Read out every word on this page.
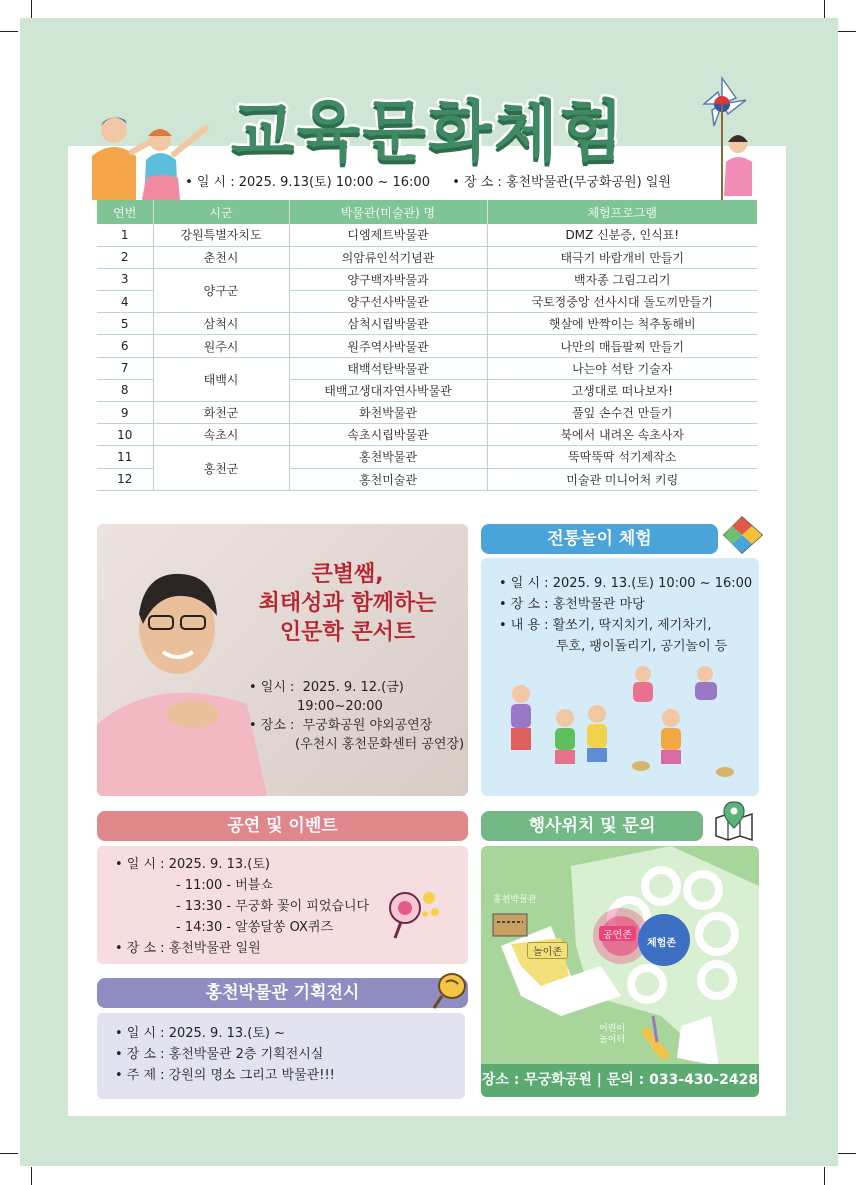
교육문화체험
• 일 시 : 2025. 9.13(토) 10:00 ~ 16:00 • 장 소 : 홍천박물관(무궁화공원) 일원
연번	시군	박물관(미술관) 명	체험프로그램
1	강원특별자치도	디엠제트박물관	DMZ 신분증, 인식표!
2	춘천시	의암류인석기념관	태극기 바람개비 만들기
3	양구군	양구백자박물과	백자종 그림그리기
4		양구선사박물관	국토정중앙 선사시대 돌도끼만들기
5	삼척시	삼척시립박물관	햇살에 반짝이는 척추동해비
6	원주시	원주역사박물관	나만의 매듭팔찌 만들기
7	태백시	태백석탄박물관	나는야 석탄 기술자
8		태백고생대자연사박물관	고생대로 떠나보자!
9	화천군	화천박물관	풀잎 손수건 만들기
10	속초시	속초시립박물관	북에서 내려온 속초사자
11	홍천군	홍천박물관	뚝딱뚝딱 석기제작소
12		홍천미술관	미술관 미니어처 키링
큰별쌤,
최태성과 함께하는
인문학 콘서트
• 일시 : 2025. 9. 12.(금)
19:00~20:00
• 장소 : 무궁화공원 야외공연장
(우천시 홍천문화센터 공연장)
전통놀이 체험
• 일 시 : 2025. 9. 13.(토) 10:00 ~ 16:00
• 장 소 : 홍천박물관 마당
• 내 용 : 활쏘기, 딱지치기, 제기차기,
투호, 팽이돌리기, 공기놀이 등
공연 및 이벤트
• 일 시 : 2025. 9. 13.(토)
- 11:00 - 버블쇼
- 13:30 - 무궁화 꽃이 피었습니다
- 14:30 - 알쏭달쏭 OX퀴즈
• 장 소 : 홍천박물관 일원
홍천박물관 기획전시
• 일 시 : 2025. 9. 13.(토) ~
• 장 소 : 홍천박물관 2층 기획전시실
• 주 제 : 강원의 명소 그리고 박물관!!!
행사위치 및 문의
홍천박물관
놀이존
공연존
체험존
어린이
놀이터
장소 : 무궁화공원 | 문의 : 033-430-2428
